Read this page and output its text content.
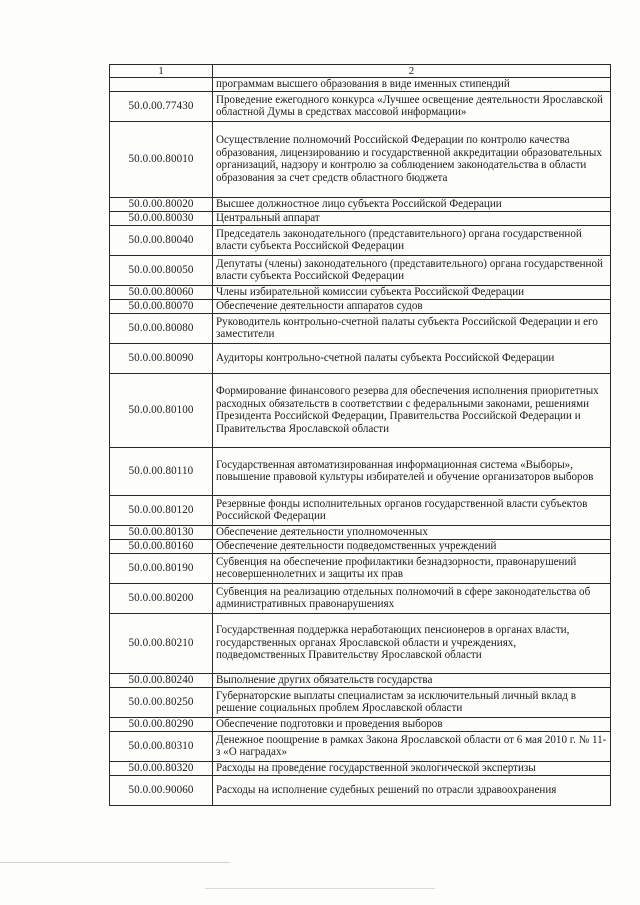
1	2
	программам высшего образования в виде именных стипендий
50.0.00.77430	Проведение ежегодного конкурса «Лучшее освещение деятельности Ярославской областной Думы в средствах массовой информации»
50.0.00.80010	Осуществление полномочий Российской Федерации по контролю качества образования, лицензированию и государственной аккредитации образовательных организаций, надзору и контролю за соблюдением законодательства в области образования за счет средств областного бюджета
50.0.00.80020	Высшее должностное лицо субъекта Российской Федерации
50.0.00.80030	Центральный аппарат
50.0.00.80040	Председатель законодательного (представительного) органа государственной власти субъекта Российской Федерации
50.0.00.80050	Депутаты (члены) законодательного (представительного) органа государственной власти субъекта Российской Федерации
50.0.00.80060	Члены избирательной комиссии субъекта Российской Федерации
50.0.00.80070	Обеспечение деятельности аппаратов судов
50.0.00.80080	Руководитель контрольно-счетной палаты субъекта Российской Федерации и его заместители
50.0.00.80090	Аудиторы контрольно-счетной палаты субъекта Российской Федерации
50.0.00.80100	Формирование финансового резерва для обеспечения исполнения приоритетных расходных обязательств в соответствии с федеральными законами, решениями Президента Российской Федерации, Правительства Российской Федерации и Правительства Ярославской области
50.0.00.80110	Государственная автоматизированная информационная система «Выборы», повышение правовой культуры избирателей и обучение организаторов выборов
50.0.00.80120	Резервные фонды исполнительных органов государственной власти субъектов Российской Федерации
50.0.00.80130	Обеспечение деятельности уполномоченных
50.0.00.80160	Обеспечение деятельности подведомственных учреждений
50.0.00.80190	Субвенция на обеспечение профилактики безнадзорности, правонарушений несовершеннолетних и защиты их прав
50.0.00.80200	Субвенция на реализацию отдельных полномочий в сфере законодательства об административных правонарушениях
50.0.00.80210	Государственная поддержка неработающих пенсионеров в органах власти, государственных органах Ярославской области и учреждениях, подведомственных Правительству Ярославской области
50.0.00.80240	Выполнение других обязательств государства
50.0.00.80250	Губернаторские выплаты специалистам за исключительный личный вклад в решение социальных проблем Ярославской области
50.0.00.80290	Обеспечение подготовки и проведения выборов
50.0.00.80310	Денежное поощрение в рамках Закона Ярославской области от 6 мая 2010 г. № 11-з «О наградах»
50.0.00.80320	Расходы на проведение государственной экологической экспертизы
50.0.00.90060	Расходы на исполнение судебных решений по отрасли здравоохранения
